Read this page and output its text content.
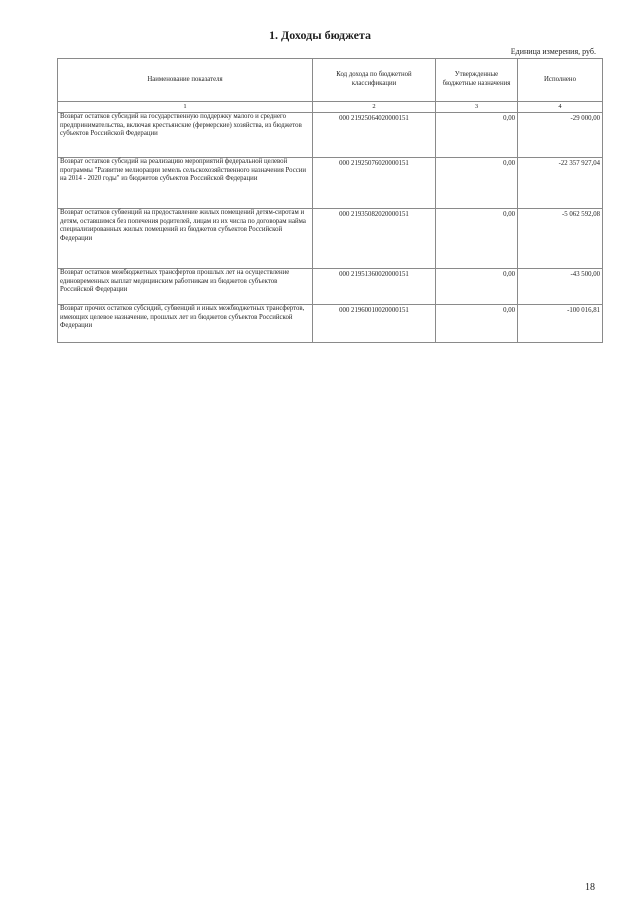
1. Доходы бюджета
Единица измерения, руб.
Наименование показателя	Код дохода по бюджетной классификации	Утвержденные бюджетные назначения	Исполнено
1	2	3	4
Возврат остатков субсидий на государственную поддержку малого и среднего предпринимательства, включая крестьянские (фермерские) хозяйства, из бюджетов субъектов Российской Федерации	000 21925064020000151	0,00	-29 000,00
Возврат остатков субсидий на реализацию мероприятий федеральной целевой программы "Развитие мелиорации земель сельскохозяйственного назначения России на 2014 - 2020 годы" из бюджетов субъектов Российской Федерации	000 21925076020000151	0,00	-22 357 927,04
Возврат остатков субвенций на предоставление жилых помещений детям-сиротам и детям, оставшимся без попечения родителей, лицам из их числа по договорам найма специализированных жилых помещений из бюджетов субъектов Российской Федерации	000 21935082020000151	0,00	-5 062 592,08
Возврат остатков межбюджетных трансфертов прошлых лет на осуществление единовременных выплат медицинским работникам из бюджетов субъектов Российской Федерации	000 21951360020000151	0,00	-43 500,00
Возврат прочих остатков субсидий, субвенций и иных межбюджетных трансфертов, имеющих целевое назначение, прошлых лет из бюджетов субъектов Российской Федерации	000 21960010020000151	0,00	-100 016,81
18
